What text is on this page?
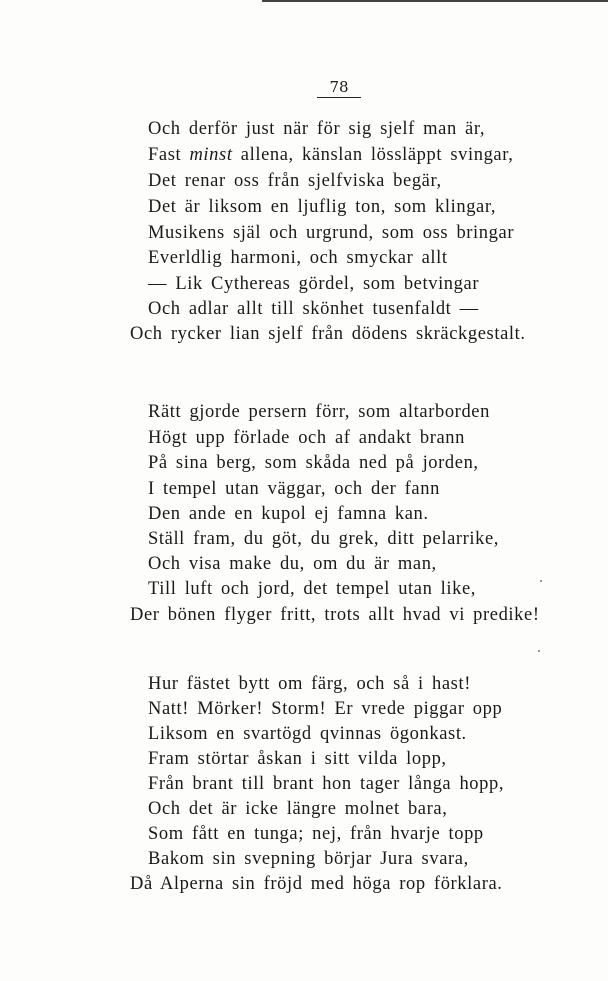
78
Och derför just när för sig sjelf man är,
Fast minst allena, känslan lössläppt svingar,
Det renar oss från sjelfviska begär,
Det är liksom en ljuflig ton, som klingar,
Musikens själ och urgrund, som oss bringar
Everldlig harmoni, och smyckar allt
— Lik Cythereas gördel, som betvingar
Och adlar allt till skönhet tusenfaldt —
Och rycker lian sjelf från dödens skräckgestalt.
Rätt gjorde persern förr, som altarborden
Högt upp förlade och af andakt brann
På sina berg, som skåda ned på jorden,
I tempel utan väggar, och der fann
Den ande en kupol ej famna kan.
Ställ fram, du göt, du grek, ditt pelarrike,
Och visa make du, om du är man,
Till luft och jord, det tempel utan like,
Der bönen flyger fritt, trots allt hvad vi predike!
Hur fästet bytt om färg, och så i hast!
Natt! Mörker! Storm! Er vrede piggar opp
Liksom en svartögd qvinnas ögonkast.
Fram störtar åskan i sitt vilda lopp,
Från brant till brant hon tager långa hopp,
Och det är icke längre molnet bara,
Som fått en tunga; nej, från hvarje topp
Bakom sin svepning börjar Jura svara,
Då Alperna sin fröjd med höga rop förklara.
